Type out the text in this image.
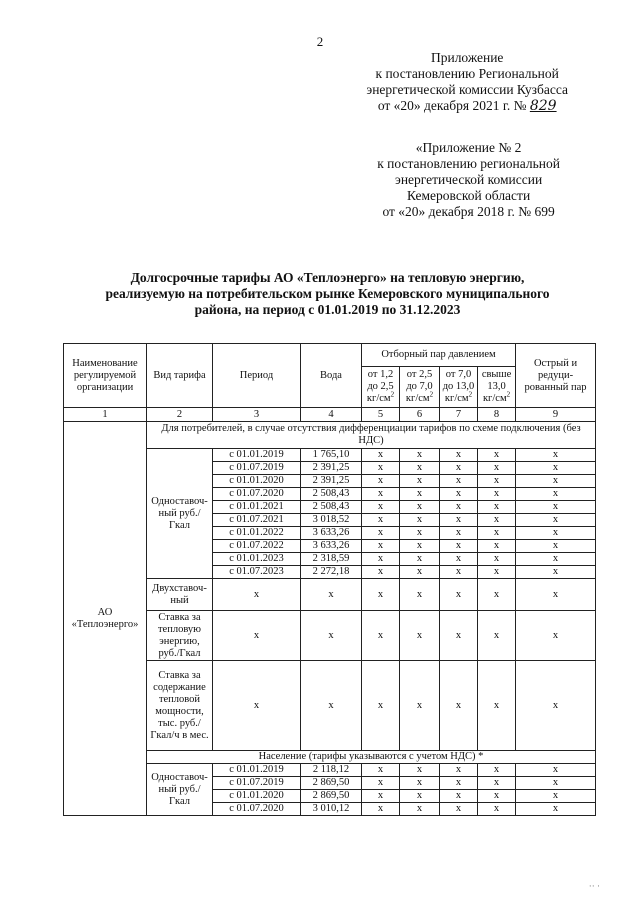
2
Приложение
к постановлению Региональной
энергетической комиссии Кузбасса
от «20» декабря 2021 г. № 829
«Приложение № 2
к постановлению региональной
энергетической комиссии
Кемеровской области
от «20» декабря 2018 г. № 699
Долгосрочные тарифы АО «Теплоэнерго» на тепловую энергию,
реализуемую на потребительском рынке Кемеровского муниципального
района, на период с 01.01.2019 по 31.12.2023
Наименование регулируемой организации	Вид тарифа	Период	Вода	Отборный пар давлением				Острый и редуци-рованный пар
				от 1,2 до 2,5 $кг/см^2$	от 2,5 до 7,0 $кг/см^2$	от 7,0 до 13,0 $кг/см^2$	свыше 13,0 $кг/см^2$
1	2	3	4	5	6	7	8	9

АО
«Теплоэнерго»	Для потребителей, в случае отсутствия дифференциации тарифов по схеме подключения (без НДС)							
	Одноставоч-ный руб./Гкал	с 01.01.2019	1 765,10	x	x	x	x	x
		с 01.07.2019	2 391,25	x	x	x	x	x
		с 01.01.2020	2 391,25	x	x	x	x	x
		с 01.07.2020	2 508,43	x	x	x	x	x
		с 01.01.2021	2 508,43	x	x	x	x	x
		с 01.07.2021	3 018,52	x	x	x	x	x
		с 01.01.2022	3 633,26	x	x	x	x	x
		с 01.07.2022	3 633,26	x	x	x	x	x
		с 01.01.2023	2 318,59	x	x	x	x	x
		с 01.07.2023	2 272,18	x	x	x	x	x
	Двухставоч-ный	x	x	x	x	x	x	x
	Ставка за тепловую энергию, руб./Гкал	x	x	x	x	x	x	x
	Ставка за содержание тепловой мощности, тыс. руб./Гкал/ч в мес.	x	x	x	x	x	x	x
	Население (тарифы указываются с учетом НДС) *							
	Одноставоч-ный руб./Гкал	с 01.01.2019	2 118,12	x	x	x	x	x
		с 01.07.2019	2 869,50	x	x	x	x	x
		с 01.01.2020	2 869,50	x	x	x	x	x
		с 01.07.2020	3 010,12	x	x	x	x	x
·· ·
